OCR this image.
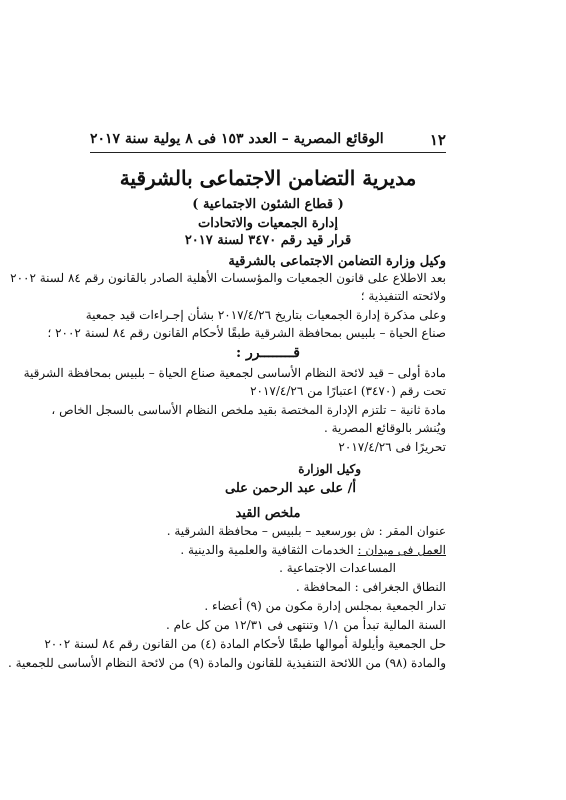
١٢
الوقائع المصرية – العدد ١٥٣ فى ٨ يولية سنة ٢٠١٧
مديرية التضامن الاجتماعى بالشرقية
( قطاع الشئون الاجتماعية )
إدارة الجمعيات والاتحادات
قرار قيد رقم ٣٤٧٠ لسنة ٢٠١٧
وكيل وزارة التضامن الاجتماعى بالشرقية
بعد الاطلاع على قانون الجمعيات والمؤسسات الأهلية الصادر بالقانون رقم ٨٤ لسنة ٢٠٠٢
ولائحته التنفيذية ؛
وعلى مذكرة إدارة الجمعيات بتاريخ ٢٠١٧/٤/٢٦ بشأن إجـراءات قيد جمعية
صناع الحياة – بلبيس بمحافظة الشرقية طبقًا لأحكام القانون رقم ٨٤ لسنة ٢٠٠٢ ؛
قــــــــرر :
مادة أولى – قيد لائحة النظام الأساسى لجمعية صناع الحياة – بلبيس بمحافظة الشرقية
تحت رقم (٣٤٧٠) اعتبارًا من ٢٠١٧/٤/٢٦
مادة ثانية – تلتزم الإدارة المختصة بقيد ملخص النظام الأساسى بالسجل الخاص ،
ويُنشر بالوقائع المصرية .
تحريرًا فى ٢٠١٧/٤/٢٦
وكيل الوزارة
أ/ على عبد الرحمن على
ملخص القيد
عنوان المقر : ش بورسعيد – بلبيس – محافظة الشرقية .
العمل فى ميدان : الخدمات الثقافية والعلمية والدينية .
المساعدات الاجتماعية .
النطاق الجغرافى : المحافظة .
تدار الجمعية بمجلس إدارة مكون من (٩) أعضاء .
السنة المالية تبدأ من ١/١ وتنتهى فى ١٢/٣١ من كل عام .
حل الجمعية وأيلولة أموالها طبقًا لأحكام المادة (٤) من القانون رقم ٨٤ لسنة ٢٠٠٢
والمادة (٩٨) من اللائحة التنفيذية للقانون والمادة (٩) من لائحة النظام الأساسى للجمعية .
